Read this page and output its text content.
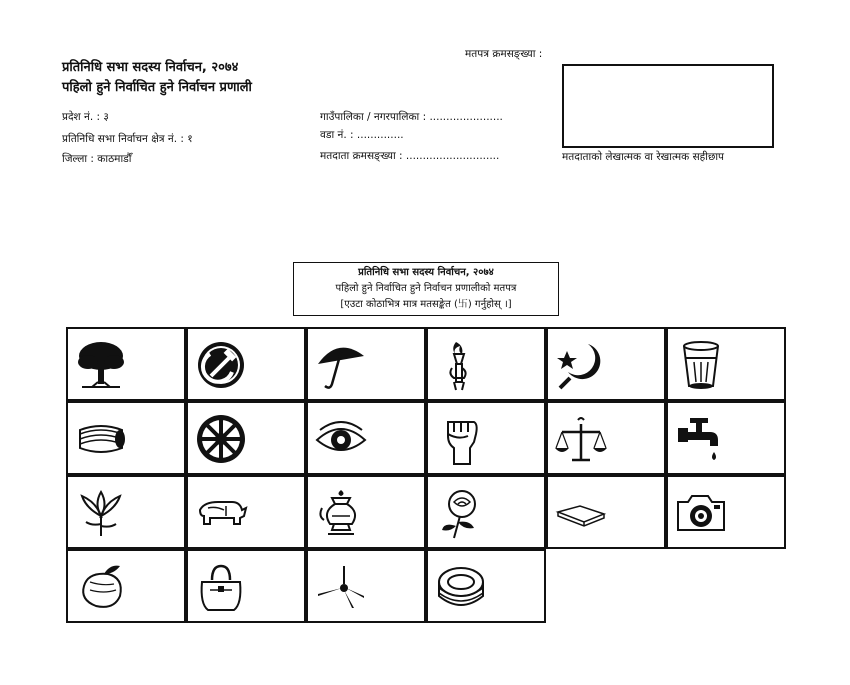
प्रतिनिधि सभा सदस्य निर्वाचन, २०७४
पहिलो हुने निर्वाचित हुने निर्वाचन प्रणाली
मतपत्र क्रमसङ्ख्या :
प्रदेश नं. : ३
प्रतिनिधि सभा निर्वाचन क्षेत्र नं. : १
जिल्ला : काठमाडौँ
गाउँपालिका / नगरपालिका : ......................
वडा नं. : ..............
मतदाता क्रमसङ्ख्या : ............................	मतदाताको लेखात्मक वा रेखात्मक सहीछाप
प्रतिनिधि सभा सदस्य निर्वाचन, २०७४
पहिलो हुने निर्वाचित हुने निर्वाचन प्रणालीको मतपत्र
[एउटा कोठाभित्र मात्र मतसङ्केत (卐) गर्नुहोस् ।]
